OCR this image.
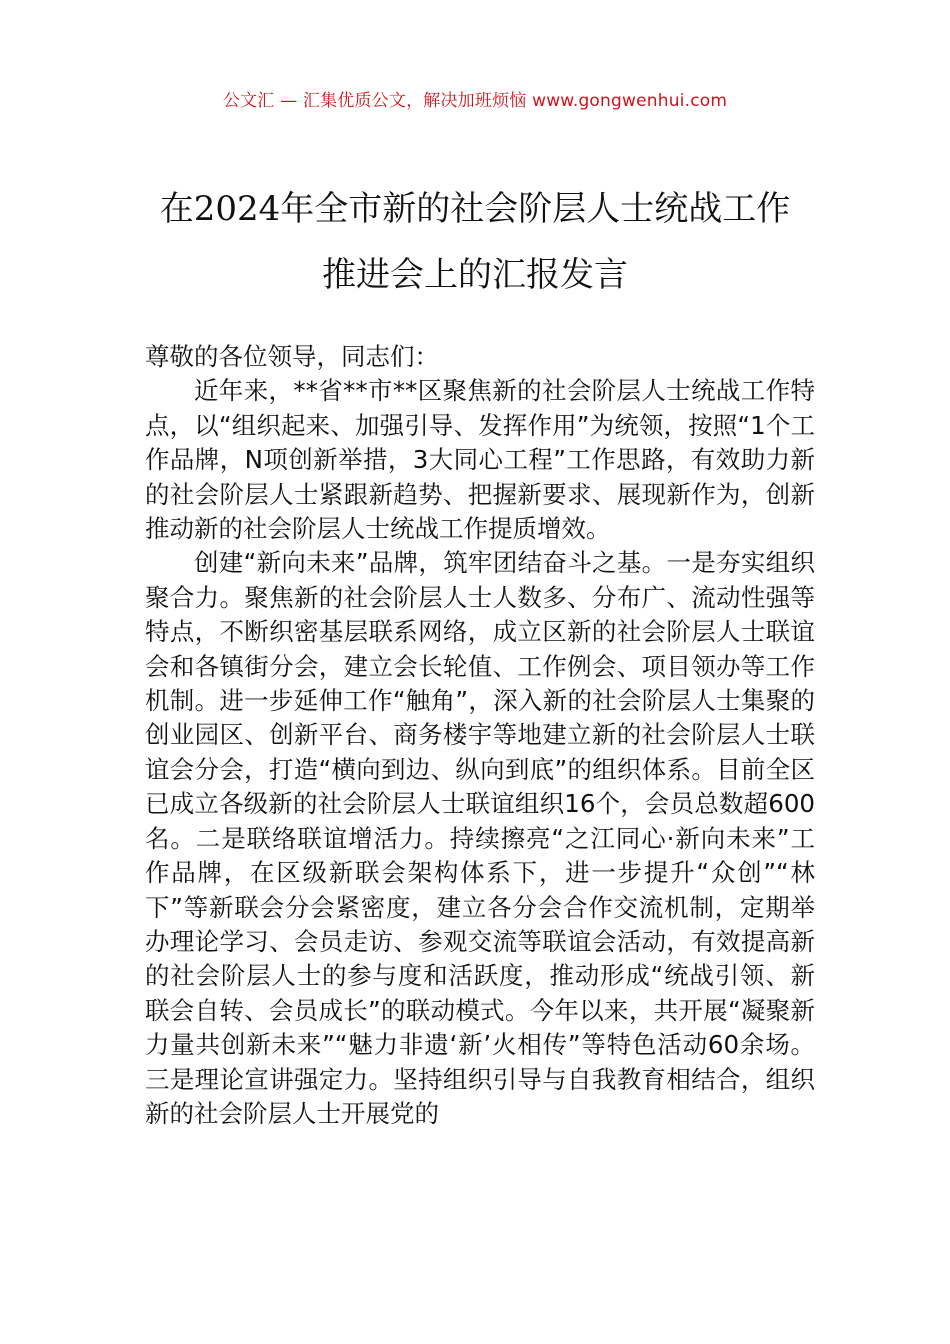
公文汇 — 汇集优质公文，解决加班烦恼 www.gongwenhui.com
在2024年全市新的社会阶层人士统战工作
推进会上的汇报发言

尊敬的各位领导，同志们：

近年来，**省**市**区聚焦新的社会阶层人士统战工作特点，以“组织起来、加强引导、发挥作用”为统领，按照“1个工作品牌，N项创新举措，3大同心工程”工作思路，有效助力新的社会阶层人士紧跟新趋势、把握新要求、展现新作为，创新推动新的社会阶层人士统战工作提质增效。

创建“新向未来”品牌，筑牢团结奋斗之基。一是夯实组织聚合力。聚焦新的社会阶层人士人数多、分布广、流动性强等特点，不断织密基层联系网络，成立区新的社会阶层人士联谊会和各镇街分会，建立会长轮值、工作例会、项目领办等工作机制。进一步延伸工作“触角”，深入新的社会阶层人士集聚的创业园区、创新平台、商务楼宇等地建立新的社会阶层人士联谊会分会，打造“横向到边、纵向到底”的组织体系。目前全区已成立各级新的社会阶层人士联谊组织16个，会员总数超600名。二是联络联谊增活力。持续擦亮“之江同心·新向未来”工作品牌，在区级新联会架构体系下，进一步提升“众创”“林下”等新联会分会紧密度，建立各分会合作交流机制，定期举办理论学习、会员走访、参观交流等联谊会活动，有效提高新的社会阶层人士的参与度和活跃度，推动形成“统战引领、新联会自转、会员成长”的联动模式。今年以来，共开展“凝聚新力量共创新未来”“魅力非遗‘新’火相传”等特色活动60余场。三是理论宣讲强定力。坚持组织引导与自我教育相结合，组织新的社会阶层人士开展党的
